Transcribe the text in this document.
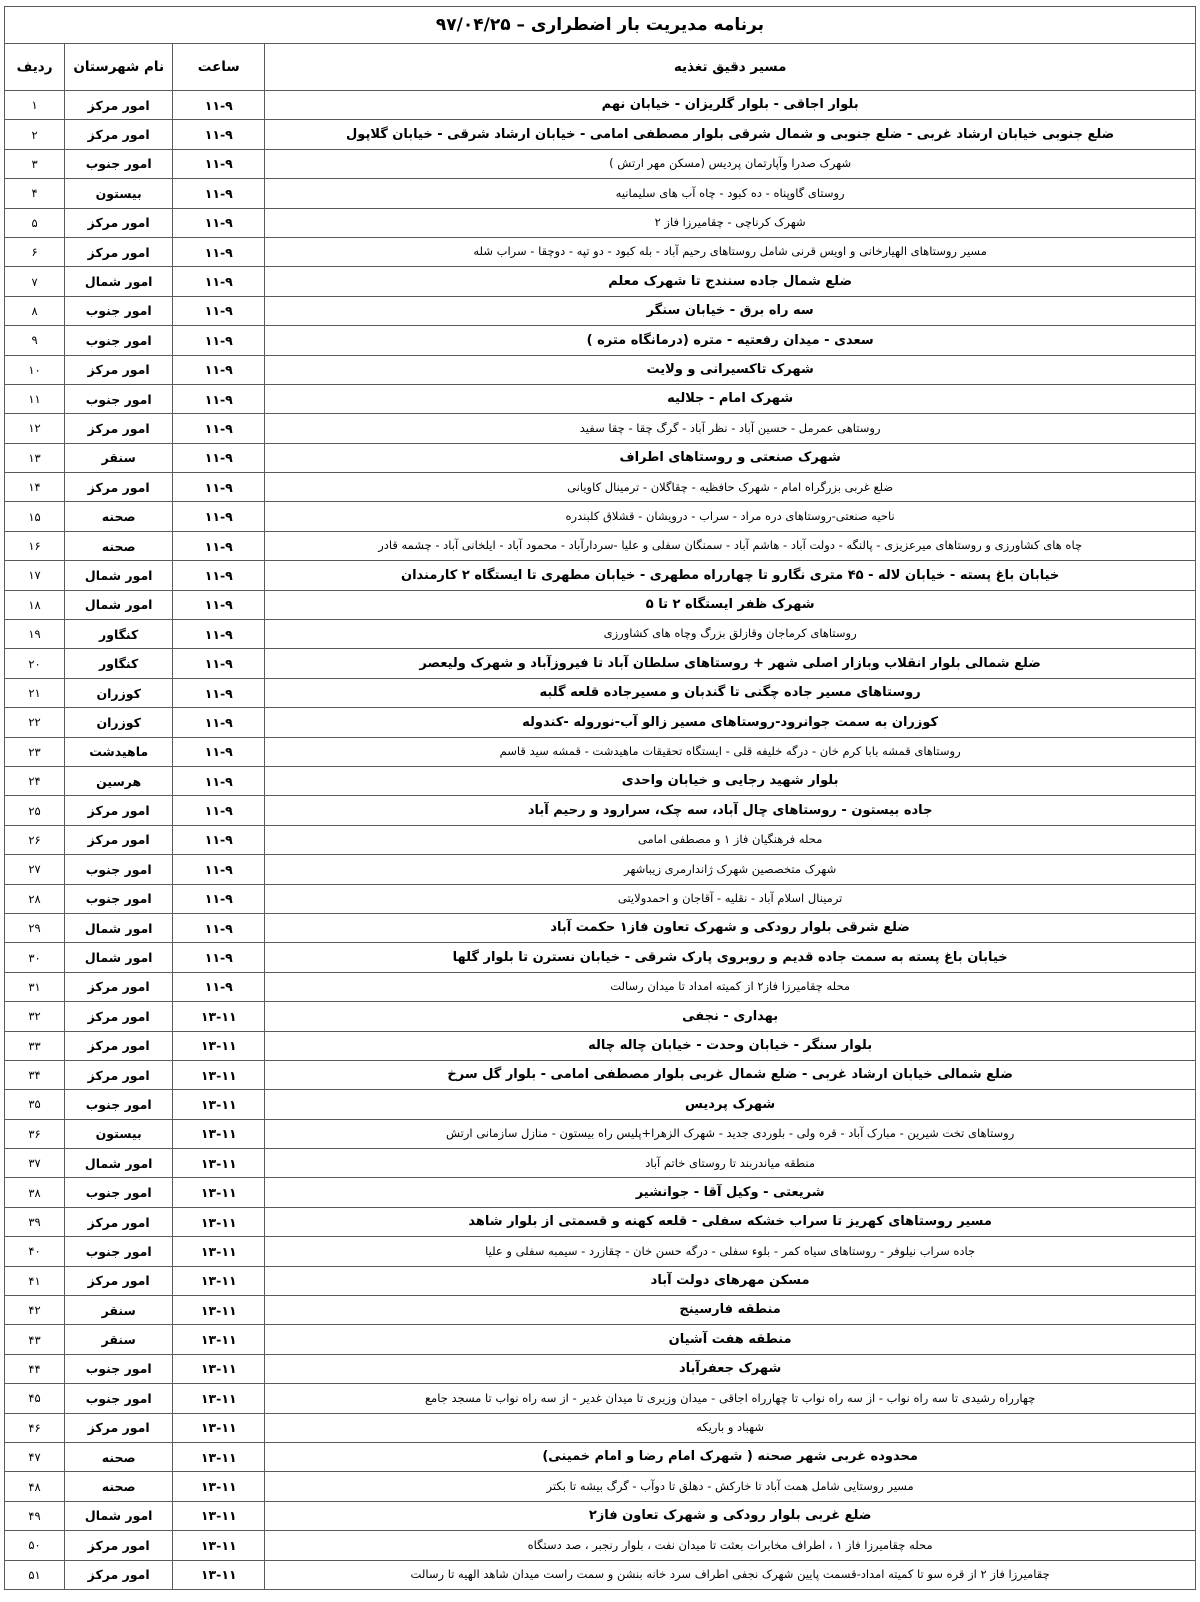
برنامه مدیریت بار اضطراری – ۹۷/۰۴/۲۵			
مسیر دقیق تغذیه	ساعت	نام شهرستان	ردیف
بلوار اجاقی - بلوار گلریزان - خیابان نهم	۱۱-۹	امور مرکز	۱
ضلع جنوبی خیابان ارشاد غربی - ضلع جنوبی و شمال شرقی بلوار مصطفی امامی - خیابان ارشاد شرقی - خیابان گلاپول	۱۱-۹	امور مرکز	۲
شهرک صدرا وآپارتمان پردیس (مسکن مهر ارتش )	۱۱-۹	امور جنوب	۳
روستای گاوپناه - ده کبود - چاه آب های سلیمانیه	۱۱-۹	بیستون	۴
شهرک کرناچی - چقامیرزا فاز ۲	۱۱-۹	امور مرکز	۵
مسیر روستاهای الهیارخانی و اویس قرنی شامل روستاهای رحیم آباد - بله کبود - دو تپه - دوچقا - سراب شله	۱۱-۹	امور مرکز	۶
ضلع شمال جاده سنندج تا شهرک معلم	۱۱-۹	امور شمال	۷
سه راه برق - خیابان سنگر	۱۱-۹	امور جنوب	۸
سعدی - میدان رفعتیه - متره (درمانگاه متره )	۱۱-۹	امور جنوب	۹
شهرک تاکسیرانی و ولایت	۱۱-۹	امور مرکز	۱۰
شهرک امام - جلالیه	۱۱-۹	امور جنوب	۱۱
روستاهی عمرمل - حسین آباد - نظر آباد - گرگ چقا - چقا سفید	۱۱-۹	امور مرکز	۱۲
شهرک صنعتی و روستاهای اطراف	۱۱-۹	سنقر	۱۳
ضلع غربی بزرگراه امام - شهرک حافظیه - چقاگلان - ترمینال کاویانی	۱۱-۹	امور مرکز	۱۴
ناحیه صنعتی-روستاهای دره مراد - سراب - درویشان - قشلاق کلبندره	۱۱-۹	صحنه	۱۵
چاه های کشاورزی و روستاهای میرعزیزی - پالنگه - دولت آباد - هاشم آباد - سمنگان سفلی و علیا -سردارآباد - محمود آباد - ایلخانی آباد - چشمه قادر	۱۱-۹	صحنه	۱۶
خیابان باغ پسته - خیابان لاله - ۴۵ متری نگارو تا چهارراه مطهری - خیابان مطهری تا ایستگاه ۲ کارمندان	۱۱-۹	امور شمال	۱۷
شهرک ظفر ایستگاه ۲ تا ۵	۱۱-۹	امور شمال	۱۸
روستاهای کرماجان وقازلق بزرگ وچاه های کشاورزی	۱۱-۹	کنگاور	۱۹
ضلع شمالی بلوار انقلاب وبازار اصلی شهر + روستاهای سلطان آباد تا فیروزآباد و شهرک ولیعصر	۱۱-۹	کنگاور	۲۰
روستاهای مسیر جاده چگنی تا گندبان و مسیرجاده قلعه گلبه	۱۱-۹	کوزران	۲۱
کوزران به سمت جوانرود-روستاهای مسیر زالو آب-نوروله -کندوله	۱۱-۹	کوزران	۲۲
روستاهای قمشه بابا کرم خان - درگه خلیفه قلی - ایستگاه تحقیقات ماهیدشت - قمشه سید قاسم	۱۱-۹	ماهیدشت	۲۳
بلوار شهید رجایی و خیابان واحدی	۱۱-۹	هرسین	۲۴
جاده بیستون - روستاهای چال آباد، سه چک، سرارود و رحیم آباد	۱۱-۹	امور مرکز	۲۵
محله فرهنگیان فاز ۱ و مصطفی امامی	۱۱-۹	امور مرکز	۲۶
شهرک متخصصین شهرک ژاندارمری زیباشهر	۱۱-۹	امور جنوب	۲۷
ترمینال اسلام آباد - نقلیه - آقاجان و احمدولایتی	۱۱-۹	امور جنوب	۲۸
ضلع شرقی بلوار رودکی و شهرک تعاون فاز۱ حکمت آباد	۱۱-۹	امور شمال	۲۹
خیابان باغ پسته به سمت جاده قدیم و روبروی پارک شرقی - خیابان نسترن تا بلوار گلها	۱۱-۹	امور شمال	۳۰
محله چقامیرزا فاز۲ از کمیته امداد تا میدان رسالت	۱۱-۹	امور مرکز	۳۱
بهداری - نجفی	۱۳-۱۱	امور مرکز	۳۲
بلوار سنگر - خیابان وحدت - خیابان چاله چاله	۱۳-۱۱	امور مرکز	۳۳
ضلع شمالی خیابان ارشاد غربی - ضلع شمال غربی بلوار مصطفی امامی - بلوار گل سرخ	۱۳-۱۱	امور مرکز	۳۴
شهرک پردیس	۱۳-۱۱	امور جنوب	۳۵
روستاهای تخت شیرین - مبارک آباد - قره ولی - بلوردی جدید - شهرک الزهرا+پلیس راه بیستون - منازل سازمانی ارتش	۱۳-۱۱	بیستون	۳۶
منطقه میاندربند تا روستای خاتم آباد	۱۳-۱۱	امور شمال	۳۷
شریعتی - وکیل آقا - جوانشیر	۱۳-۱۱	امور جنوب	۳۸
مسیر روستاهای کهریز تا سراب خشکه سفلی - قلعه کهنه و قسمتی از بلوار شاهد	۱۳-۱۱	امور مرکز	۳۹
جاده سراب نیلوفر - روستاهای سیاه کمر - بلوء سفلی - درگه حسن خان - چقازرد - سیمبه سفلی و علیا	۱۳-۱۱	امور جنوب	۴۰
مسکن مهرهای دولت آباد	۱۳-۱۱	امور مرکز	۴۱
منطقه فارسینج	۱۳-۱۱	سنقر	۴۲
منطقه هفت آشیان	۱۳-۱۱	سنقر	۴۳
شهرک جعفرآباد	۱۳-۱۱	امور جنوب	۴۴
چهارراه رشیدی تا سه راه نواب - از سه راه نواب تا چهارراه اجاقی - میدان وزیری تا میدان غدیر - از سه راه نواب تا مسجد جامع	۱۳-۱۱	امور جنوب	۴۵
شهباد و باریکه	۱۳-۱۱	امور مرکز	۴۶
محدوده غربی شهر صحنه ( شهرک امام رضا و امام خمینی)	۱۳-۱۱	صحنه	۴۷
مسیر روستایی شامل همت آباد تا خارکش - دهلق تا دوآب - گرگ بیشه تا بکتر	۱۳-۱۱	صحنه	۴۸
ضلع غربی بلوار رودکی و شهرک تعاون فاز۲	۱۳-۱۱	امور شمال	۴۹
محله چقامیرزا فاز ۱ ، اطراف مخابرات بعثت تا میدان نفت ، بلوار رنجبر ، صد دستگاه	۱۳-۱۱	امور مرکز	۵۰
چقامیرزا فاز ۲ از قره سو تا کمیته امداد-قسمت پایین شهرک نجفی اطراف سرد خانه بنشن و سمت راست میدان شاهد الهیه تا رسالت	۱۳-۱۱	امور مرکز	۵۱
